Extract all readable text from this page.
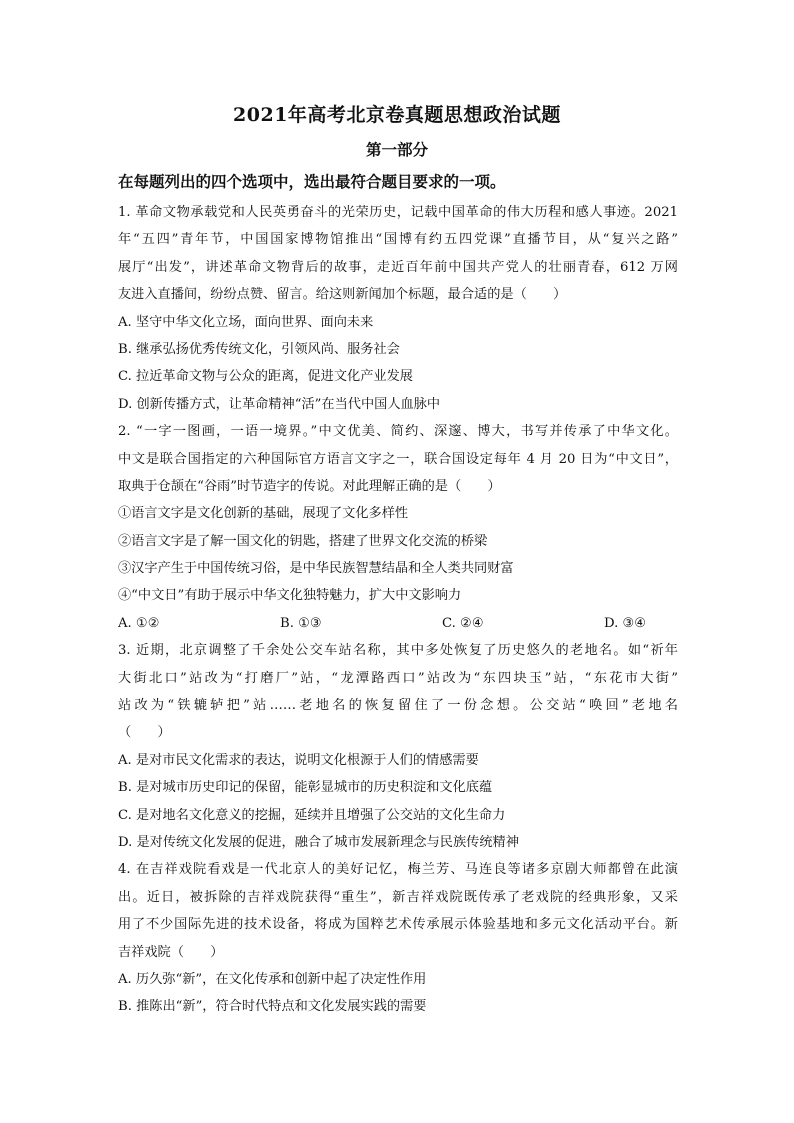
2021年高考北京卷真题思想政治试题
第一部分
在每题列出的四个选项中，选出最符合题目要求的一项。
1. 革命文物承载党和人民英勇奋斗的光荣历史，记载中国革命的伟大历程和感人事迹。2021
年“五四”青年节，中国国家博物馆推出“国博有约五四党课”直播节目，从“复兴之路”
展厅“出发”，讲述革命文物背后的故事，走近百年前中国共产党人的壮丽青春，612 万网
友进入直播间，纷纷点赞、留言。给这则新闻加个标题，最合适的是（　　）
A. 坚守中华文化立场，面向世界、面向未来
B. 继承弘扬优秀传统文化，引领风尚、服务社会
C. 拉近革命文物与公众的距离，促进文化产业发展
D. 创新传播方式，让革命精神“活”在当代中国人血脉中
2. “一字一图画，一语一境界。”中文优美、简约、深邃、博大，书写并传承了中华文化。
中文是联合国指定的六种国际官方语言文字之一，联合国设定每年 4 月 20 日为“中文日”，
取典于仓颉在“谷雨”时节造字的传说。对此理解正确的是（　　）
①语言文字是文化创新的基础，展现了文化多样性
②语言文字是了解一国文化的钥匙，搭建了世界文化交流的桥梁
③汉字产生于中国传统习俗，是中华民族智慧结晶和全人类共同财富
④“中文日”有助于展示中华文化独特魅力，扩大中文影响力
A. ①②	B. ①③	C. ②④	D. ③④
3. 近期，北京调整了千余处公交车站名称，其中多处恢复了历史悠久的老地名。如“祈年
大街北口”站改为“打磨厂”站，“龙潭路西口”站改为“东四块玉”站，“东花市大街”
站改为“铁辘轳把”站……老地名的恢复留住了一份念想。公交站“唤回”老地名
（　　）
A. 是对市民文化需求的表达，说明文化根源于人们的情感需要
B. 是对城市历史印记的保留，能彰显城市的历史积淀和文化底蕴
C. 是对地名文化意义的挖掘，延续并且增强了公交站的文化生命力
D. 是对传统文化发展的促进，融合了城市发展新理念与民族传统精神
4. 在吉祥戏院看戏是一代北京人的美好记忆，梅兰芳、马连良等诸多京剧大师都曾在此演
出。近日，被拆除的吉祥戏院获得“重生”，新吉祥戏院既传承了老戏院的经典形象，又采
用了不少国际先进的技术设备，将成为国粹艺术传承展示体验基地和多元文化活动平台。新
吉祥戏院（　　）
A. 历久弥“新”，在文化传承和创新中起了决定性作用
B. 推陈出“新”，符合时代特点和文化发展实践的需要
